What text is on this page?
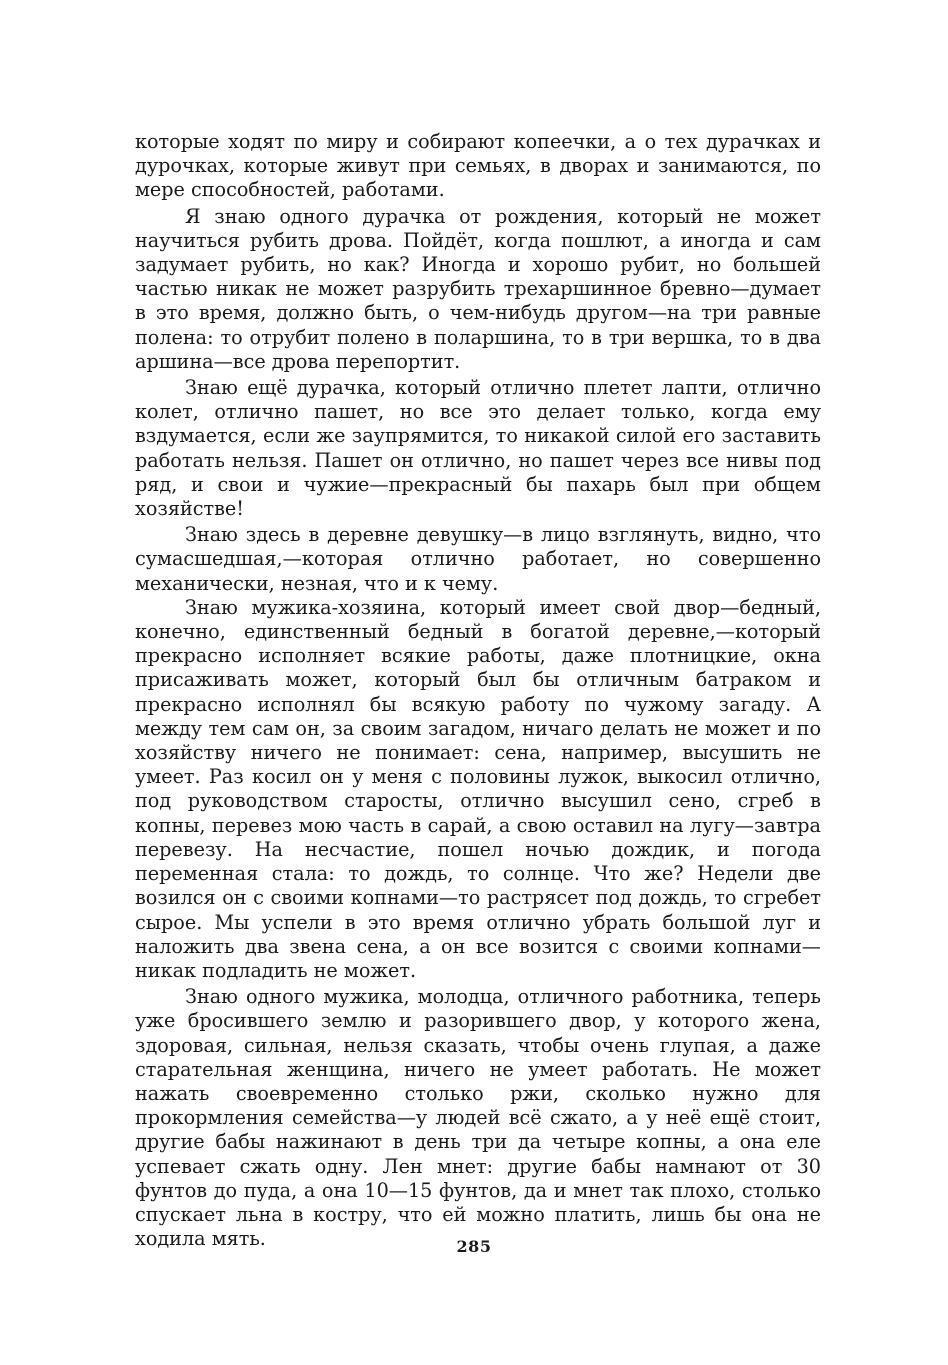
которые ходят по миру и собирают копеечки, а о тех дурачках и дурочках, которые живут при семьях, в дворах и занимаются, по мере способностей, работами.

Я знаю одного дурачка от рождения, который не может научиться рубить дрова. Пойдёт, когда пошлют, а иногда и сам задумает рубить, но как? Иногда и хорошо рубит, но большей частью никак не может разрубить трехаршинное бревно—думает в это время, должно быть, о чем-нибудь другом—на три равные полена: то отрубит полено в поларшина, то в три вершка, то в два аршина—все дрова перепортит.

Знаю ещё дурачка, который отлично плетет лапти, отлично колет, отлично пашет, но все это делает только, когда ему вздумается, если же заупрямится, то никакой силой его заставить работать нельзя. Пашет он отлично, но пашет через все нивы под ряд, и свои и чужие—прекрасный бы пахарь был при общем хозяйстве!

Знаю здесь в деревне девушку—в лицо взглянуть, видно, что сумасшедшая,—которая отлично работает, но совершенно механически, незная, что и к чему.

Знаю мужика-хозяина, который имеет свой двор—бедный, конечно, единственный бедный в богатой деревне,—который прекрасно исполняет всякие работы, даже плотницкие, окна присаживать может, который был бы отличным батраком и прекрасно исполнял бы всякую работу по чужому загаду. А между тем сам он, за своим загадом, ничаго делать не может и по хозяйству ничего не понимает: сена, например, высушить не умеет. Раз косил он у меня с половины лужок, выкосил отлично, под руководством старосты, отлично высушил сено, сгреб в копны, перевез мою часть в сарай, а свою оставил на лугу—завтра перевезу. На несчастие, пошел ночью дождик, и погода переменная стала: то дождь, то солнце. Что же? Недели две возился он с своими копнами—то растрясет под дождь, то сгребет сырое. Мы успели в это время отлично убрать большой луг и наложить два звена сена, а он все возится с своими копнами—никак подладить не может.

Знаю одного мужика, молодца, отличного работника, теперь уже бросившего землю и разорившего двор, у которого жена, здоровая, сильная, нельзя сказать, чтобы очень глупая, а даже старательная женщина, ничего не умеет работать. Не может нажать своевременно столько ржи, сколько нужно для прокормления семейства—у людей всё сжато, а у неё ещё стоит, другие бабы нажинают в день три да четыре копны, а она еле успевает сжать одну. Лен мнет: другие бабы намнают от 30 фунтов до пуда, а она 10—15 фунтов, да и мнет так плохо, столько спускает льна в костру, что ей можно платить, лишь бы она не ходила мять.	285
